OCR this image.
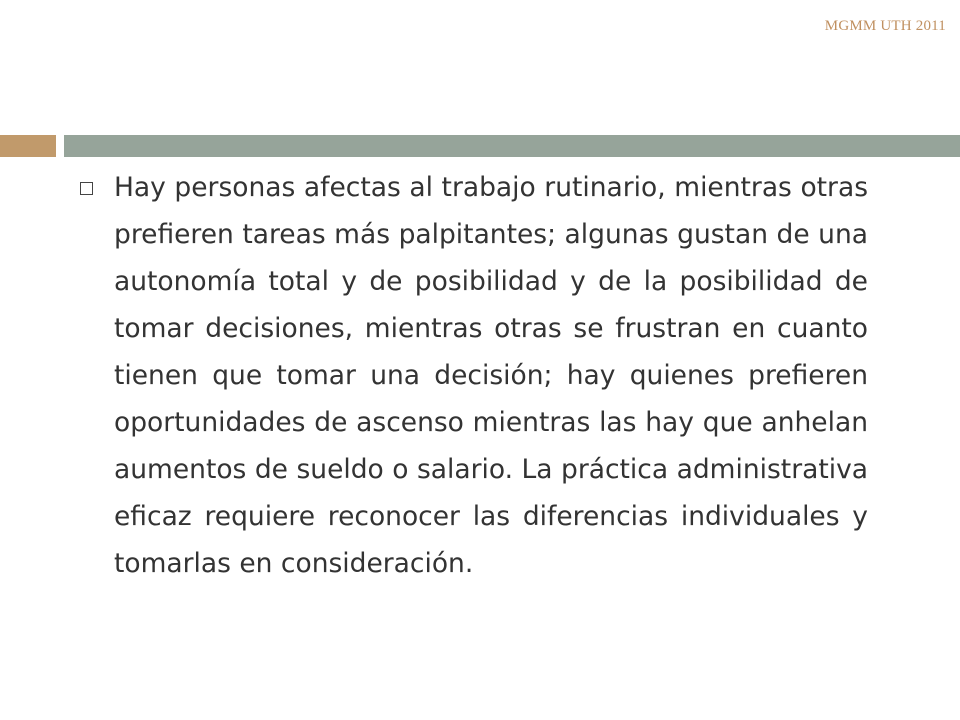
MGMM UTH 2011

Hay personas afectas al trabajo rutinario, mientras otras prefieren tareas más palpitantes; algunas gustan de una autonomía total y de posibilidad y de la posibilidad de tomar decisiones, mientras otras se frustran en cuanto tienen que tomar una decisión; hay quienes prefieren oportunidades de ascenso mientras las hay que anhelan aumentos de sueldo o salario. La práctica administrativa eficaz requiere reconocer las diferencias individuales y tomarlas en consideración.
